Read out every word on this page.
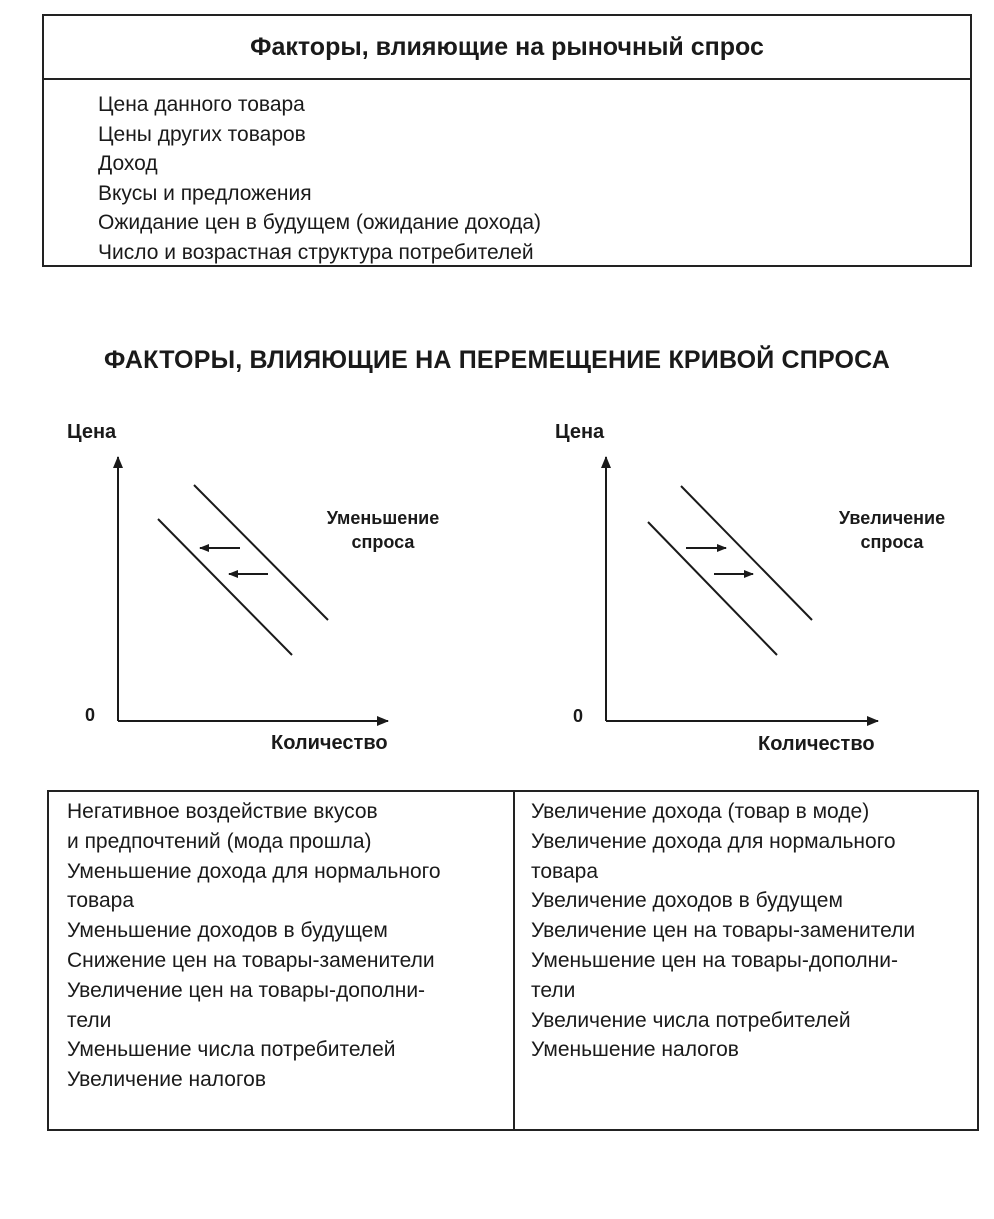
Факторы, влияющие на рыночный спрос
Цена данного товара
Цены других товаров
Доход
Вкусы и предложения
Ожидание цен в будущем (ожидание дохода)
Число и возрастная структура потребителей
ФАКТОРЫ, ВЛИЯЮЩИЕ НА ПЕРЕМЕЩЕНИЕ КРИВОЙ СПРОСА
Цена
Количество
0
Уменьшение
спроса
Цена
Количество
0
Увеличение
спроса
Негативное воздействие вкусов
и предпочтений (мода прошла)
Уменьшение дохода для нормального
товара
Уменьшение доходов в будущем
Снижение цен на товары-заменители
Увеличение цен на товары-дополни-
тели
Уменьшение числа потребителей
Увеличение налогов
Увеличение дохода (товар в моде)
Увеличение дохода для нормального
товара
Увеличение доходов в будущем
Увеличение цен на товары-заменители
Уменьшение цен на товары-дополни-
тели
Увеличение числа потребителей
Уменьшение налогов
